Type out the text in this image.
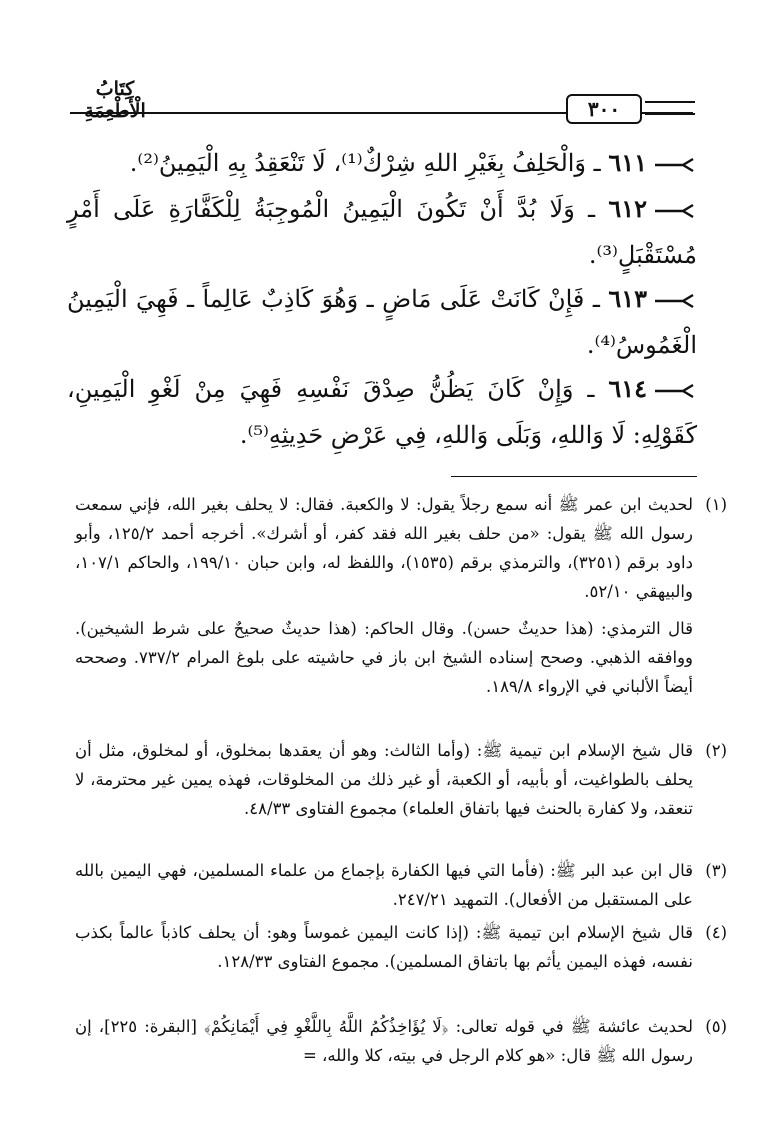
كِتَابُ الْأَطْعِمَةِ	٣٠٠
٦١١ ـ وَالْحَلِفُ بِغَيْرِ اللهِ شِرْكٌ⁽¹⁾، لَا تَنْعَقِدُ بِهِ الْيَمِينُ⁽²⁾.
٦١٢ ـ وَلَا بُدَّ أَنْ تَكُونَ الْيَمِينُ الْمُوجِبَةُ لِلْكَفَّارَةِ عَلَى أَمْرٍ مُسْتَقْبَلٍ⁽³⁾.
٦١٣ ـ فَإِنْ كَانَتْ عَلَى مَاضٍ ـ وَهُوَ كَاذِبٌ عَالِماً ـ فَهِيَ الْيَمِينُ الْغَمُوسُ⁽⁴⁾.
٦١٤ ـ وَإِنْ كَانَ يَظُنُّ صِدْقَ نَفْسِهِ فَهِيَ مِنْ لَغْوِ الْيَمِينِ، كَقَوْلِهِ: لَا وَاللهِ، وَبَلَى وَاللهِ، فِي عَرْضِ حَدِيثِهِ⁽⁵⁾.
(١)
لحديث ابن عمر ﷺ أنه سمع رجلاً يقول: لا والكعبة. فقال: لا يحلف بغير الله، فإني سمعت رسول الله ﷺ يقول: «من حلف بغير الله فقد كفر، أو أشرك». أخرجه أحمد ١٢٥/٢، وأبو داود برقم (٣٢٥١)، والترمذي برقم (١٥٣٥)، واللفظ له، وابن حبان ١٩٩/١٠، والحاكم ١٠٧/١، والبيهقي ٥٢/١٠.
قال الترمذي: (هذا حديثٌ حسن). وقال الحاكم: (هذا حديثٌ صحيحٌ على شرط الشيخين). ووافقه الذهبي. وصحح إسناده الشيخ ابن باز في حاشيته على بلوغ المرام ٧٣٧/٢. وصححه أيضاً الألباني في الإرواء ١٨٩/٨.
(٢)
قال شيخ الإسلام ابن تيمية ﷺ: (وأما الثالث: وهو أن يعقدها بمخلوق، أو لمخلوق، مثل أن يحلف بالطواغيت، أو بأبيه، أو الكعبة، أو غير ذلك من المخلوقات، فهذه يمين غير محترمة، لا تنعقد، ولا كفارة بالحنث فيها باتفاق العلماء) مجموع الفتاوى ٤٨/٣٣.
(٣)
قال ابن عبد البر ﷺ: (فأما التي فيها الكفارة بإجماع من علماء المسلمين، فهي اليمين بالله على المستقبل من الأفعال). التمهيد ٢٤٧/٢١.
(٤)
قال شيخ الإسلام ابن تيمية ﷺ: (إذا كانت اليمين غموساً وهو: أن يحلف كاذباً عالماً بكذب نفسه، فهذه اليمين يأثم بها باتفاق المسلمين). مجموع الفتاوى ١٢٨/٣٣.
(٥)
لحديث عائشة ﷺ في قوله تعالى: ﴿لَا يُؤَاخِذُكُمُ اللَّهُ بِاللَّغْوِ فِي أَيْمَانِكُمْ﴾ [البقرة: ٢٢٥]، إن رسول الله ﷺ قال: «هو كلام الرجل في بيته، كلا والله، =
